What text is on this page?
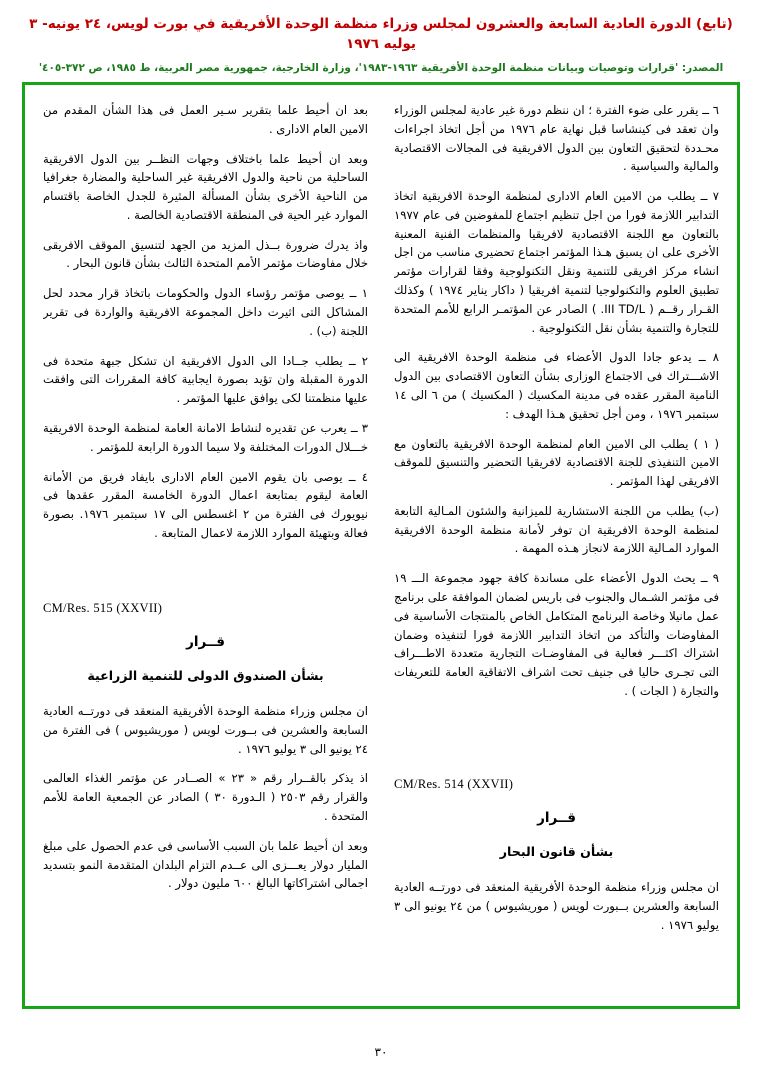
(تابع) الدورة العادية السابعة والعشرون لمجلس وزراء منظمة الوحدة الأفريقية في بورت لويس، ٢٤ يونيه- ٣ يوليه ١٩٧٦
المصدر: 'قرارات وتوصيات وبيانات منظمة الوحدة الأفريقية ١٩٦٣-١٩٨٣'، وزارة الخارجية، جمهورية مصر العربية، ط ١٩٨٥، ص ٣٧٢-٤٠٥'

٦ ــ يقرر على ضوء الفترة ؛ ان ننظم دورة غير عادية لمجلس الوزراء وان تعقد فى كينشاسا قبل نهاية عام ١٩٧٦ من أجل اتخاذ اجراءات محـددة لتحقيق التعاون بين الدول الافريقية فى المجالات الاقتصادية والمالية والسياسية .

٧ ــ يطلب من الامين العام الادارى لمنظمة الوحدة الافريقية اتخاذ التدابير اللازمة فورا من اجل تنظيم اجتماع للمفوضين فى عام ١٩٧٧ بالتعاون مع اللجنة الاقتصادية لافريقيا والمنظمات الفنية المعنية الأخرى على ان يسبق هـذا المؤتمر اجتماع تحضيرى مناسب من اجل انشاء مركز افريقى للتنمية ونقل التكنولوجية وفقا لقرارات مؤتمر تطبيق العلوم والتكنولوجيا لتنمية افريقيا ( داكار يناير ١٩٧٤ ) وكذلك القـرار رقــم ( III TD/L. ) الصادر عن المؤتمـر الرابع للأمم المتحدة للتجارة والتنمية بشأن نقل التكنولوجية .

٨ ــ يدعو جادا الدول الأعضاء فى منظمة الوحدة الافريقية الى الاشـــتراك فى الاجتماع الوزارى بشأن التعاون الاقتصادى بين الدول النامية المقرر عقده فى مدينة المكسيك ( المكسيك ) من ٦ الى ١٤ سبتمبر ١٩٧٦ ، ومن أجل تحقيق هـذا الهدف :

( ١ ) يطلب الى الامين العام لمنظمة الوحدة الافريقية بالتعاون مع الامين التنفيذى للجنة الاقتصادية لافريقيا التحضير والتنسيق للموقف الافريقى لهذا المؤتمر .

(ب) يطلب من اللجنة الاستشارية للميزانية والشئون المـالية التابعة لمنظمة الوحدة الافريقية ان توفر لأمانة منظمة الوحدة الافريقية الموارد المـالية اللازمة لانجاز هـذه المهمة .

٩ ــ يحث الدول الأعضاء على مساندة كافة جهود مجموعة الـــ ١٩ فى مؤتمر الشـمال والجنوب فى باريس لضمان الموافقة على برنامج عمل مانيلا وخاصة البرنامج المتكامل الخاص بالمنتجات الأساسية فى المفاوضات والتأكد من اتخاذ التدابير اللازمة فورا لتنفيذه وضمان اشتراك اكثـــر فعالية فى المفاوضـات التجارية متعددة الاطـــراف التى تجـرى حاليا فى جنيف تحت اشراف الاتفاقية العامة للتعريفات والتجارة ( الجات ) .

CM/Res. 514 (XXVII)
قــرار
بشأن قانون البحار

ان مجلس وزراء منظمة الوحدة الأفريقية المنعقد فى دورتــه العادية السابعة والعشرين بــبورت لويس ( موريشيوس ) من ٢٤ يونيو الى ٣ يوليو ١٩٧٦ .

بعد ان أحيط علما بتقرير سـير العمل فى هذا الشأن المقدم من الامين العام الادارى .

وبعد ان أحيط علما باختلاف وجهات النظــر بين الدول الافريقية الساحلية من ناحية والدول الافريقية غير الساحلية والمضارة جغرافيا من الناحية الأخرى بشأن المسألة المثيرة للجدل الخاصة باقتسام الموارد غير الحية فى المنطقة الاقتصادية الخالصة .

واذ يدرك ضرورة بــذل المزيد من الجهد لتنسيق الموقف الافريقى خلال مفاوضات مؤتمر الأمم المتحدة الثالث بشأن قانون البحار .

١ ــ يوصى مؤتمر رؤساء الدول والحكومات باتخاذ قرار محدد لحل المشاكل التى اثيرت داخل المجموعة الافريقية والواردة فى تقرير اللجنة (ب) .

٢ ــ يطلب جــادا الى الدول الافريقية ان تشكل جبهة متحدة فى الدورة المقبلة وان تؤيد بصورة ايجابية كافة المقررات التى وافقت عليها منظمتنا لكى يوافق عليها المؤتمر .

٣ ــ يعرب عن تقديره لنشاط الامانة العامة لمنظمة الوحدة الافريقية خـــلال الدورات المختلفة ولا سيما الدورة الرابعة للمؤتمر .

٤ ــ يوصى بان يقوم الامين العام الادارى بايفاد فريق من الأمانة العامة ليقوم بمتابعة اعمال الدورة الخامسة المقرر عقدها فى نيويورك فى الفترة من ٢ اغسطس الى ١٧ سبتمبر ١٩٧٦. بصورة فعالة وبتهيئة الموارد اللازمة لاعمال المتابعة .

CM/Res. 515 (XXVII)
قــرار
بشأن الصندوق الدولى للتنمية الزراعية

ان مجلس وزراء منظمة الوحدة الأفريقية المنعقد فى دورتــه العادية السابعة والعشرين فى بــورت لويس ( موريشيوس ) فى الفترة من ٢٤ يونيو الى ٣ يوليو ١٩٧٦ .

اذ يذكر بالقــرار رقم « ٢٣ » الصــادر عن مؤتمر الغذاء العالمى والقرار رقم ٢٥٠٣ ( الـدورة ٣٠ ) الصادر عن الجمعية العامة للأمم المتحدة .

وبعد ان أحيط علما بان السبب الأساسى فى عدم الحصول على مبلغ المليار دولار يعـــزى الى عــدم التزام البلدان المتقدمة النمو بتسديد اجمالى اشتراكاتها البالغ ٦٠٠ مليون دولار .

٣٠
